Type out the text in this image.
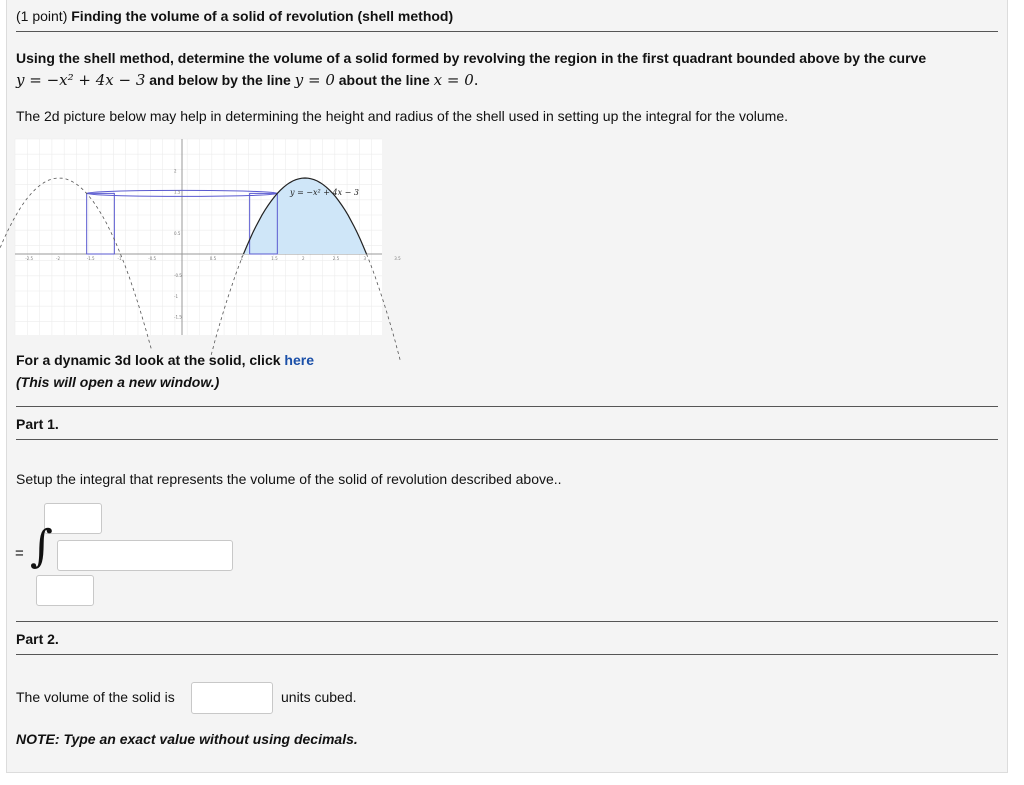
(1 point) Finding the volume of a solid of revolution (shell method)
Using the shell method, determine the volume of a solid formed by revolving the region in the first quadrant bounded above by the curve
y = −x² + 4x − 3 and below by the line y = 0 about the line x = 0.
The 2d picture below may help in determining the height and radius of the shell used in setting up the integral for the volume.
y = −x² + 4x − 3
-2.5	-2	-1.5	-1	-0.5	0.5	1	1.5	2	2.5	3	3.5
2
1.5
0.5
-0.5
-1
-1.5
For a dynamic 3d look at the solid, click here
(This will open a new window.)
Part 1.
Setup the integral that represents the volume of the solid of revolution described above..
= ∫
Part 2.
The volume of the solid is	units cubed.
NOTE: Type an exact value without using decimals.
